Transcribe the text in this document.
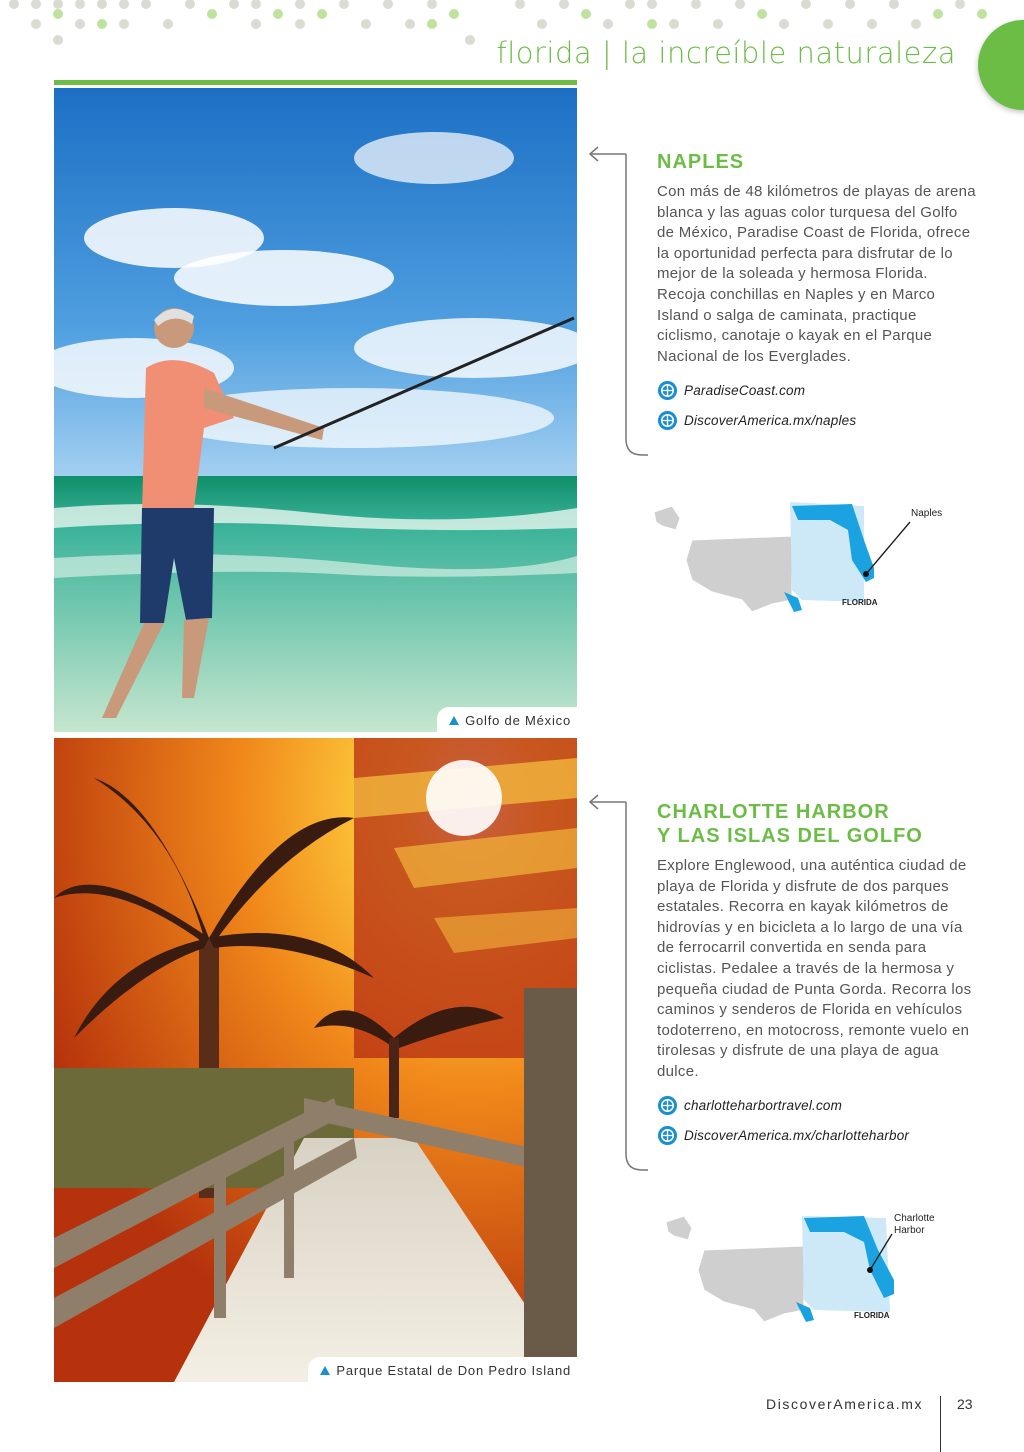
florida | la increíble naturaleza
Golfo de México
Parque Estatal de Don Pedro Island
NAPLES

Con más de 48 kilómetros de playas de arena blanca y las aguas color turquesa del Golfo de México, Paradise Coast de Florida, ofrece la oportunidad perfecta para disfrutar de lo mejor de la soleada y hermosa Florida. Recoja conchillas en Naples y en Marco Island o salga de caminata, practique ciclismo, canotaje o kayak en el Parque Nacional de los Everglades.

ParadiseCoast.com
DiscoverAmerica.mx/naples
Naples
FLORIDA
CHARLOTTE HARBOR
Y LAS ISLAS DEL GOLFO

Explore Englewood, una auténtica ciudad de playa de Florida y disfrute de dos parques estatales. Recorra en kayak kilómetros de hidrovías y en bicicleta a lo largo de una vía de ferrocarril convertida en senda para ciclistas. Pedalee a través de la hermosa y pequeña ciudad de Punta Gorda. Recorra los caminos y senderos de Florida en vehículos todoterreno, en motocross, remonte vuelo en tirolesas y disfrute de una playa de agua dulce.

charlotteharbortravel.com
DiscoverAmerica.mx/charlotteharbor
Charlotte
Harbor
FLORIDA
DiscoverAmerica.mx 23
